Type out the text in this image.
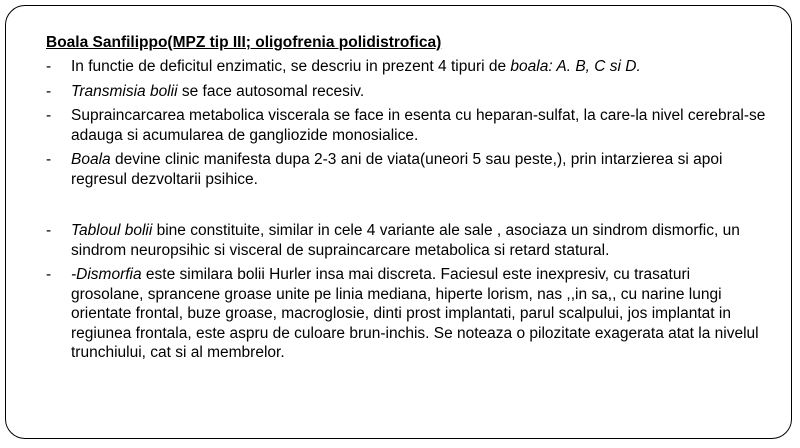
Boala Sanfilippo(MPZ tip III; oligofrenia polidistrofica)
- In functie de deficitul enzimatic, se descriu in prezent 4 tipuri de boala: A. B, C si D.
- Transmisia bolii se face autosomal recesiv.
- Supraincarcarea metabolica viscerala se face in esenta cu heparan-sulfat, la care-la nivel cerebral-se adauga si acumularea de gangliozide monosialice.
- Boala devine clinic manifesta dupa 2-3 ani de viata(uneori 5 sau peste,), prin intarzierea si apoi regresul dezvoltarii psihice.
- Tabloul bolii bine constituite, similar in cele 4 variante ale sale , asociaza un sindrom dismorfic, un sindrom neuropsihic si visceral de supraincarcare metabolica si retard statural.
- -Dismorfia este similara bolii Hurler insa mai discreta. Faciesul este inexpresiv, cu trasaturi grosolane, sprancene groase unite pe linia mediana, hiperte lorism, nas ,,in sa,, cu narine lungi orientate frontal, buze groase, macroglosie, dinti prost implantati, parul scalpului, jos implantat in regiunea frontala, este aspru de culoare brun-inchis. Se noteaza o pilozitate exagerata atat la nivelul trunchiului, cat si al membrelor.
